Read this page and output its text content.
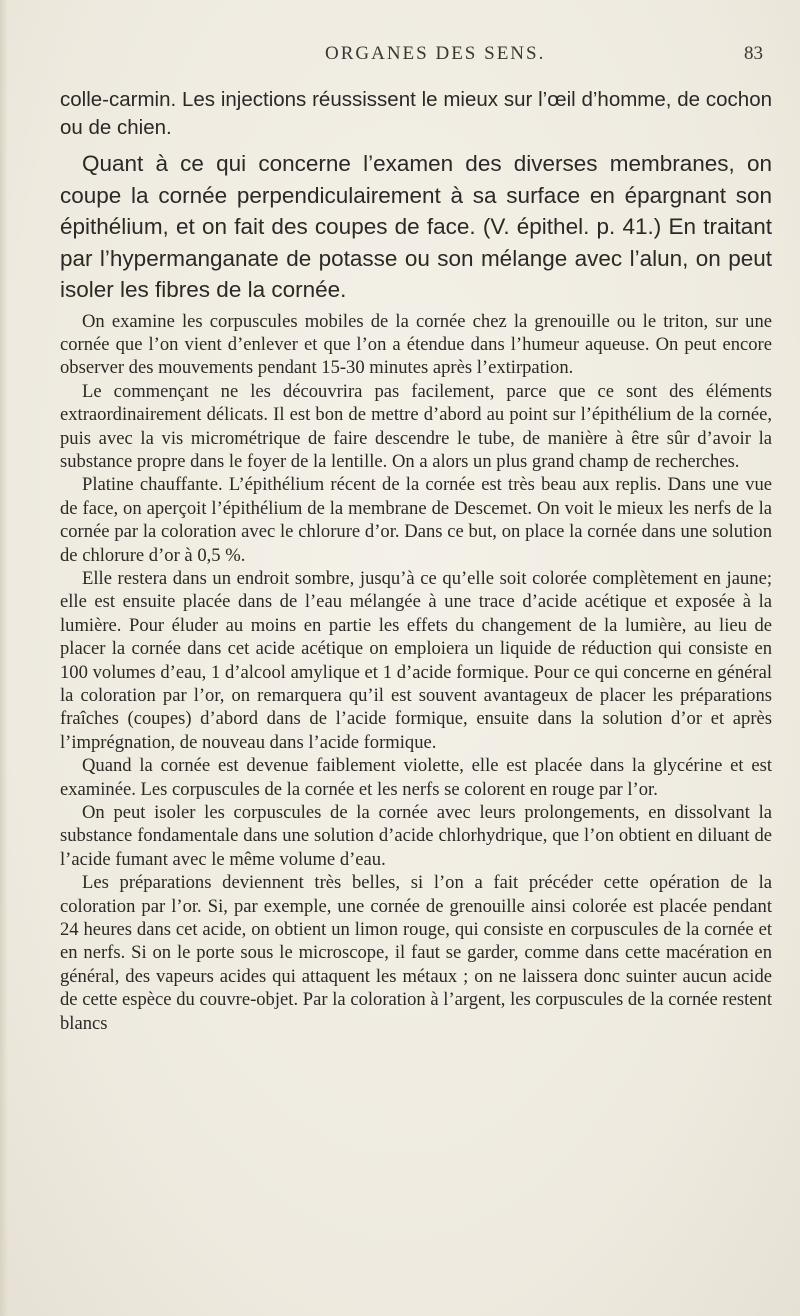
ORGANES DES SENS.	83

colle-carmin. Les injections réussissent le mieux sur l’œil d’homme, de cochon ou de chien.

Quant à ce qui concerne l’examen des diverses membranes, on coupe la cornée perpendiculairement à sa surface en épargnant son épithélium, et on fait des coupes de face. (V. épithel. p. 41.) En traitant par l’hypermanganate de potasse ou son mélange avec l’alun, on peut isoler les fibres de la cornée.

On examine les corpuscules mobiles de la cornée chez la grenouille ou le triton, sur une cornée que l’on vient d’enlever et que l’on a étendue dans l’humeur aqueuse. On peut encore observer des mouvements pendant 15-30 minutes après l’extirpation.

Le commençant ne les découvrira pas facilement, parce que ce sont des éléments extraordinairement délicats. Il est bon de mettre d’abord au point sur l’épithélium de la cornée, puis avec la vis micrométrique de faire descendre le tube, de manière à être sûr d’avoir la substance propre dans le foyer de la lentille. On a alors un plus grand champ de recherches.

Platine chauffante. L’épithélium récent de la cornée est très beau aux replis. Dans une vue de face, on aperçoit l’épithélium de la membrane de Descemet. On voit le mieux les nerfs de la cornée par la coloration avec le chlorure d’or. Dans ce but, on place la cornée dans une solution de chlorure d’or à 0,5 %.

Elle restera dans un endroit sombre, jusqu’à ce qu’elle soit colorée complètement en jaune; elle est ensuite placée dans de l’eau mélangée à une trace d’acide acétique et exposée à la lumière. Pour éluder au moins en partie les effets du changement de la lumière, au lieu de placer la cornée dans cet acide acétique on emploiera un liquide de réduction qui consiste en 100 volumes d’eau, 1 d’alcool amylique et 1 d’acide formique. Pour ce qui concerne en général la coloration par l’or, on remarquera qu’il est souvent avantageux de placer les préparations fraîches (coupes) d’abord dans de l’acide formique, ensuite dans la solution d’or et après l’imprégnation, de nouveau dans l’acide formique.

Quand la cornée est devenue faiblement violette, elle est placée dans la glycérine et est examinée. Les corpuscules de la cornée et les nerfs se colorent en rouge par l’or.

On peut isoler les corpuscules de la cornée avec leurs prolongements, en dissolvant la substance fondamentale dans une solution d’acide chlorhydrique, que l’on obtient en diluant de l’acide fumant avec le même volume d’eau.

Les préparations deviennent très belles, si l’on a fait précéder cette opération de la coloration par l’or. Si, par exemple, une cornée de grenouille ainsi colorée est placée pendant 24 heures dans cet acide, on obtient un limon rouge, qui consiste en corpuscules de la cornée et en nerfs. Si on le porte sous le microscope, il faut se garder, comme dans cette macération en général, des vapeurs acides qui attaquent les métaux ; on ne laissera donc suinter aucun acide de cette espèce du couvre-objet. Par la coloration à l’argent, les corpuscules de la cornée restent blancs
